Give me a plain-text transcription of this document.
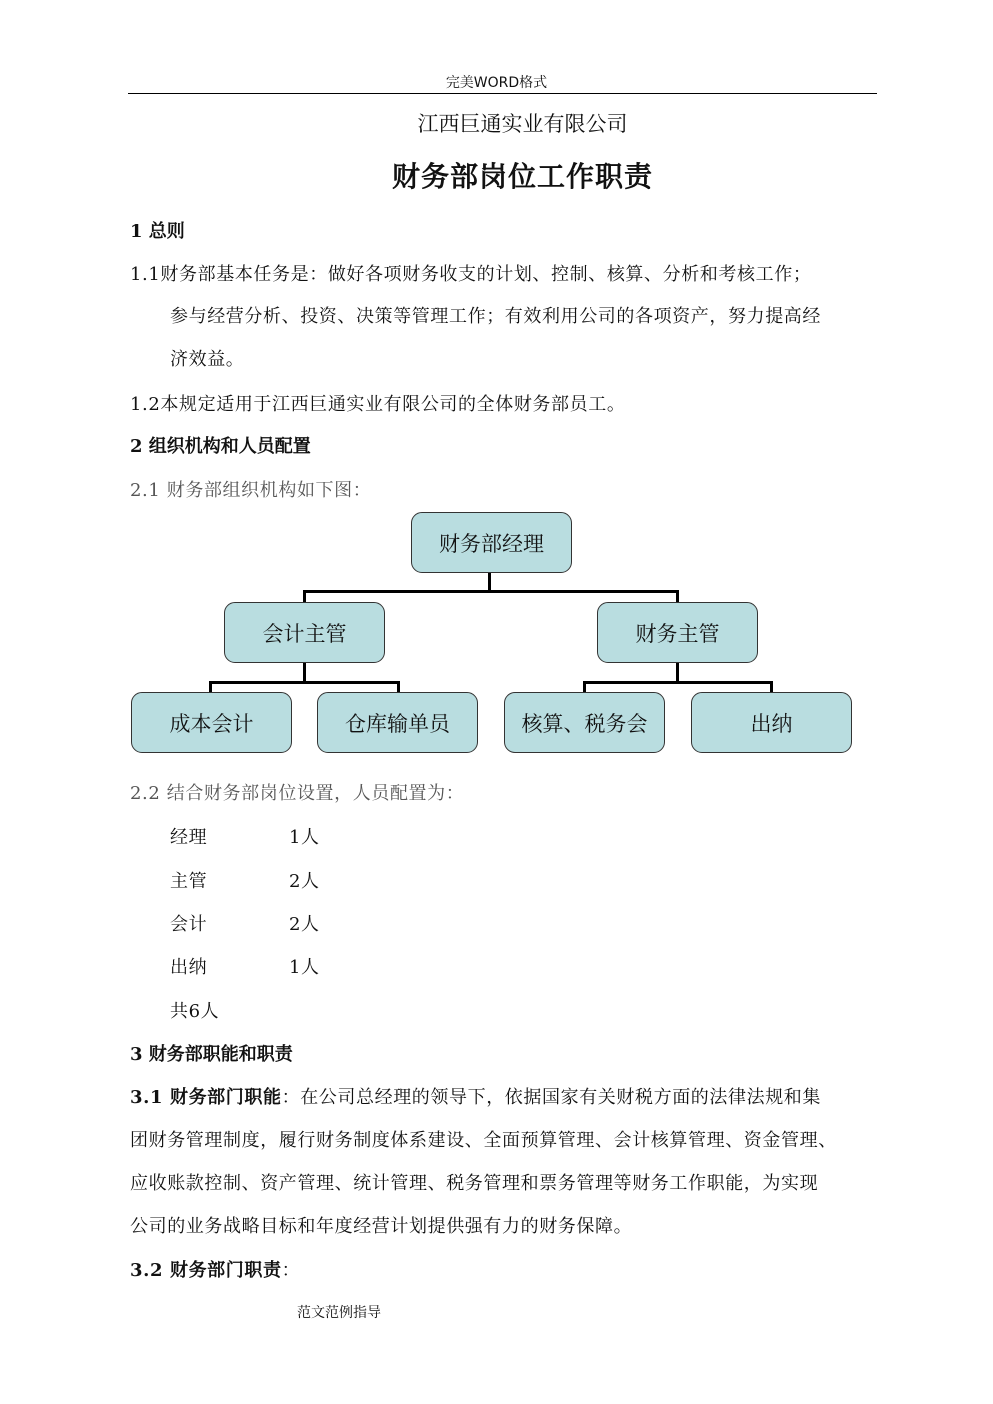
完美WORD格式
江西巨通实业有限公司
财务部岗位工作职责
1 总则
1.1财务部基本任务是：做好各项财务收支的计划、控制、核算、分析和考核工作；
参与经营分析、投资、决策等管理工作；有效利用公司的各项资产，努力提高经
济效益。
1.2本规定适用于江西巨通实业有限公司的全体财务部员工。
2 组织机构和人员配置
2.1 财务部组织机构如下图：
财务部经理
会计主管	财务主管
成本会计	仓库输单员	核算、税务会	出纳
2.2 结合财务部岗位设置，人员配置为：
经理	1人
主管	2人
会计	2人
出纳	1人
共6人
3 财务部职能和职责
3.1 财务部门职能：在公司总经理的领导下，依据国家有关财税方面的法律法规和集
团财务管理制度，履行财务制度体系建设、全面预算管理、会计核算管理、资金管理、
应收账款控制、资产管理、统计管理、税务管理和票务管理等财务工作职能，为实现
公司的业务战略目标和年度经营计划提供强有力的财务保障。
3.2 财务部门职责：
范文范例指导
